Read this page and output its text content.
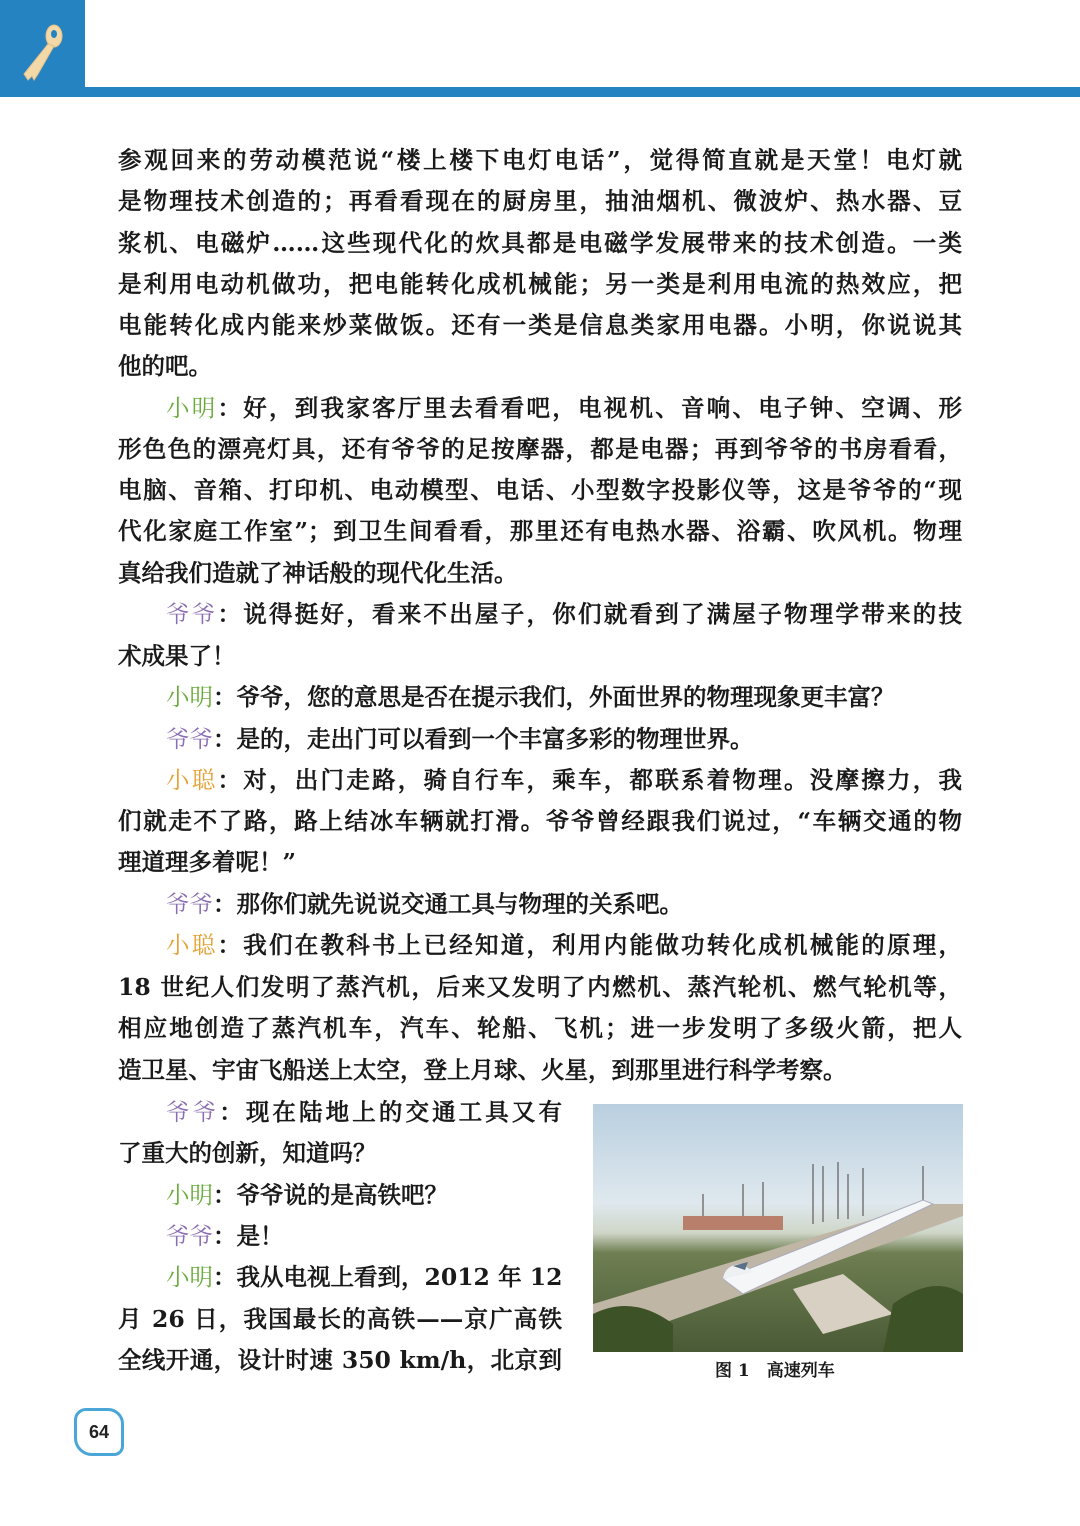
参观回来的劳动模范说“楼上楼下电灯电话”，觉得简直就是天堂！电灯就
是物理技术创造的；再看看现在的厨房里，抽油烟机、微波炉、热水器、豆
浆机、电磁炉……这些现代化的炊具都是电磁学发展带来的技术创造。一类
是利用电动机做功，把电能转化成机械能；另一类是利用电流的热效应，把
电能转化成内能来炒菜做饭。还有一类是信息类家用电器。小明，你说说其
他的吧。
小明：好，到我家客厅里去看看吧，电视机、音响、电子钟、空调、形
形色色的漂亮灯具，还有爷爷的足按摩器，都是电器；再到爷爷的书房看看，
电脑、音箱、打印机、电动模型、电话、小型数字投影仪等，这是爷爷的“现
代化家庭工作室”；到卫生间看看，那里还有电热水器、浴霸、吹风机。物理
真给我们造就了神话般的现代化生活。
爷爷：说得挺好，看来不出屋子，你们就看到了满屋子物理学带来的技
术成果了！
小明：爷爷，您的意思是否在提示我们，外面世界的物理现象更丰富？
爷爷：是的，走出门可以看到一个丰富多彩的物理世界。
小聪：对，出门走路，骑自行车，乘车，都联系着物理。没摩擦力，我
们就走不了路，路上结冰车辆就打滑。爷爷曾经跟我们说过，“车辆交通的物
理道理多着呢！”
爷爷：那你们就先说说交通工具与物理的关系吧。
小聪：我们在教科书上已经知道，利用内能做功转化成机械能的原理，
18 世纪人们发明了蒸汽机，后来又发明了内燃机、蒸汽轮机、燃气轮机等，
相应地创造了蒸汽机车，汽车、轮船、飞机；进一步发明了多级火箭，把人
造卫星、宇宙飞船送上太空，登上月球、火星，到那里进行科学考察。
爷爷：现在陆地上的交通工具又有
了重大的创新，知道吗？
小明：爷爷说的是高铁吧？
爷爷：是！
小明：我从电视上看到，2012 年 12
月 26 日，我国最长的高铁——京广高铁
全线开通，设计时速 350 km/h，北京到	图 1　高速列车
64
